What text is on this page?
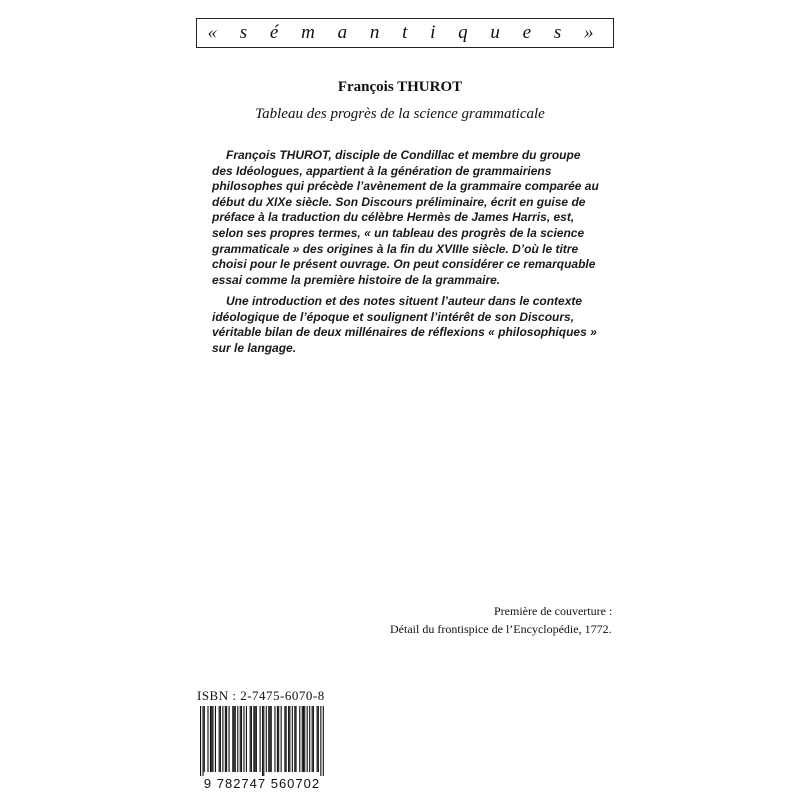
« s é m a n t i q u e s »
François THUROT
Tableau des progrès de la science grammaticale

François THUROT, disciple de Condillac et membre du groupe
des Idéologues, appartient à la génération de grammairiens
philosophes qui précède l’avènement de la grammaire comparée au
début du XIXe siècle. Son Discours préliminaire, écrit en guise de
préface à la traduction du célèbre Hermès de James Harris, est,
selon ses propres termes, « un tableau des progrès de la science
grammaticale » des origines à la fin du XVIIIe siècle. D’où le titre
choisi pour le présent ouvrage. On peut considérer ce remarquable
essai comme la première histoire de la grammaire.

Une introduction et des notes situent l’auteur dans le contexte
idéologique de l’époque et soulignent l’intérêt de son Discours,
véritable bilan de deux millénaires de réflexions « philosophiques »
sur le langage.

Première de couverture :
Détail du frontispice de l’Encyclopédie, 1772.
ISBN : 2-7475-6070-8
9 782747 560702
